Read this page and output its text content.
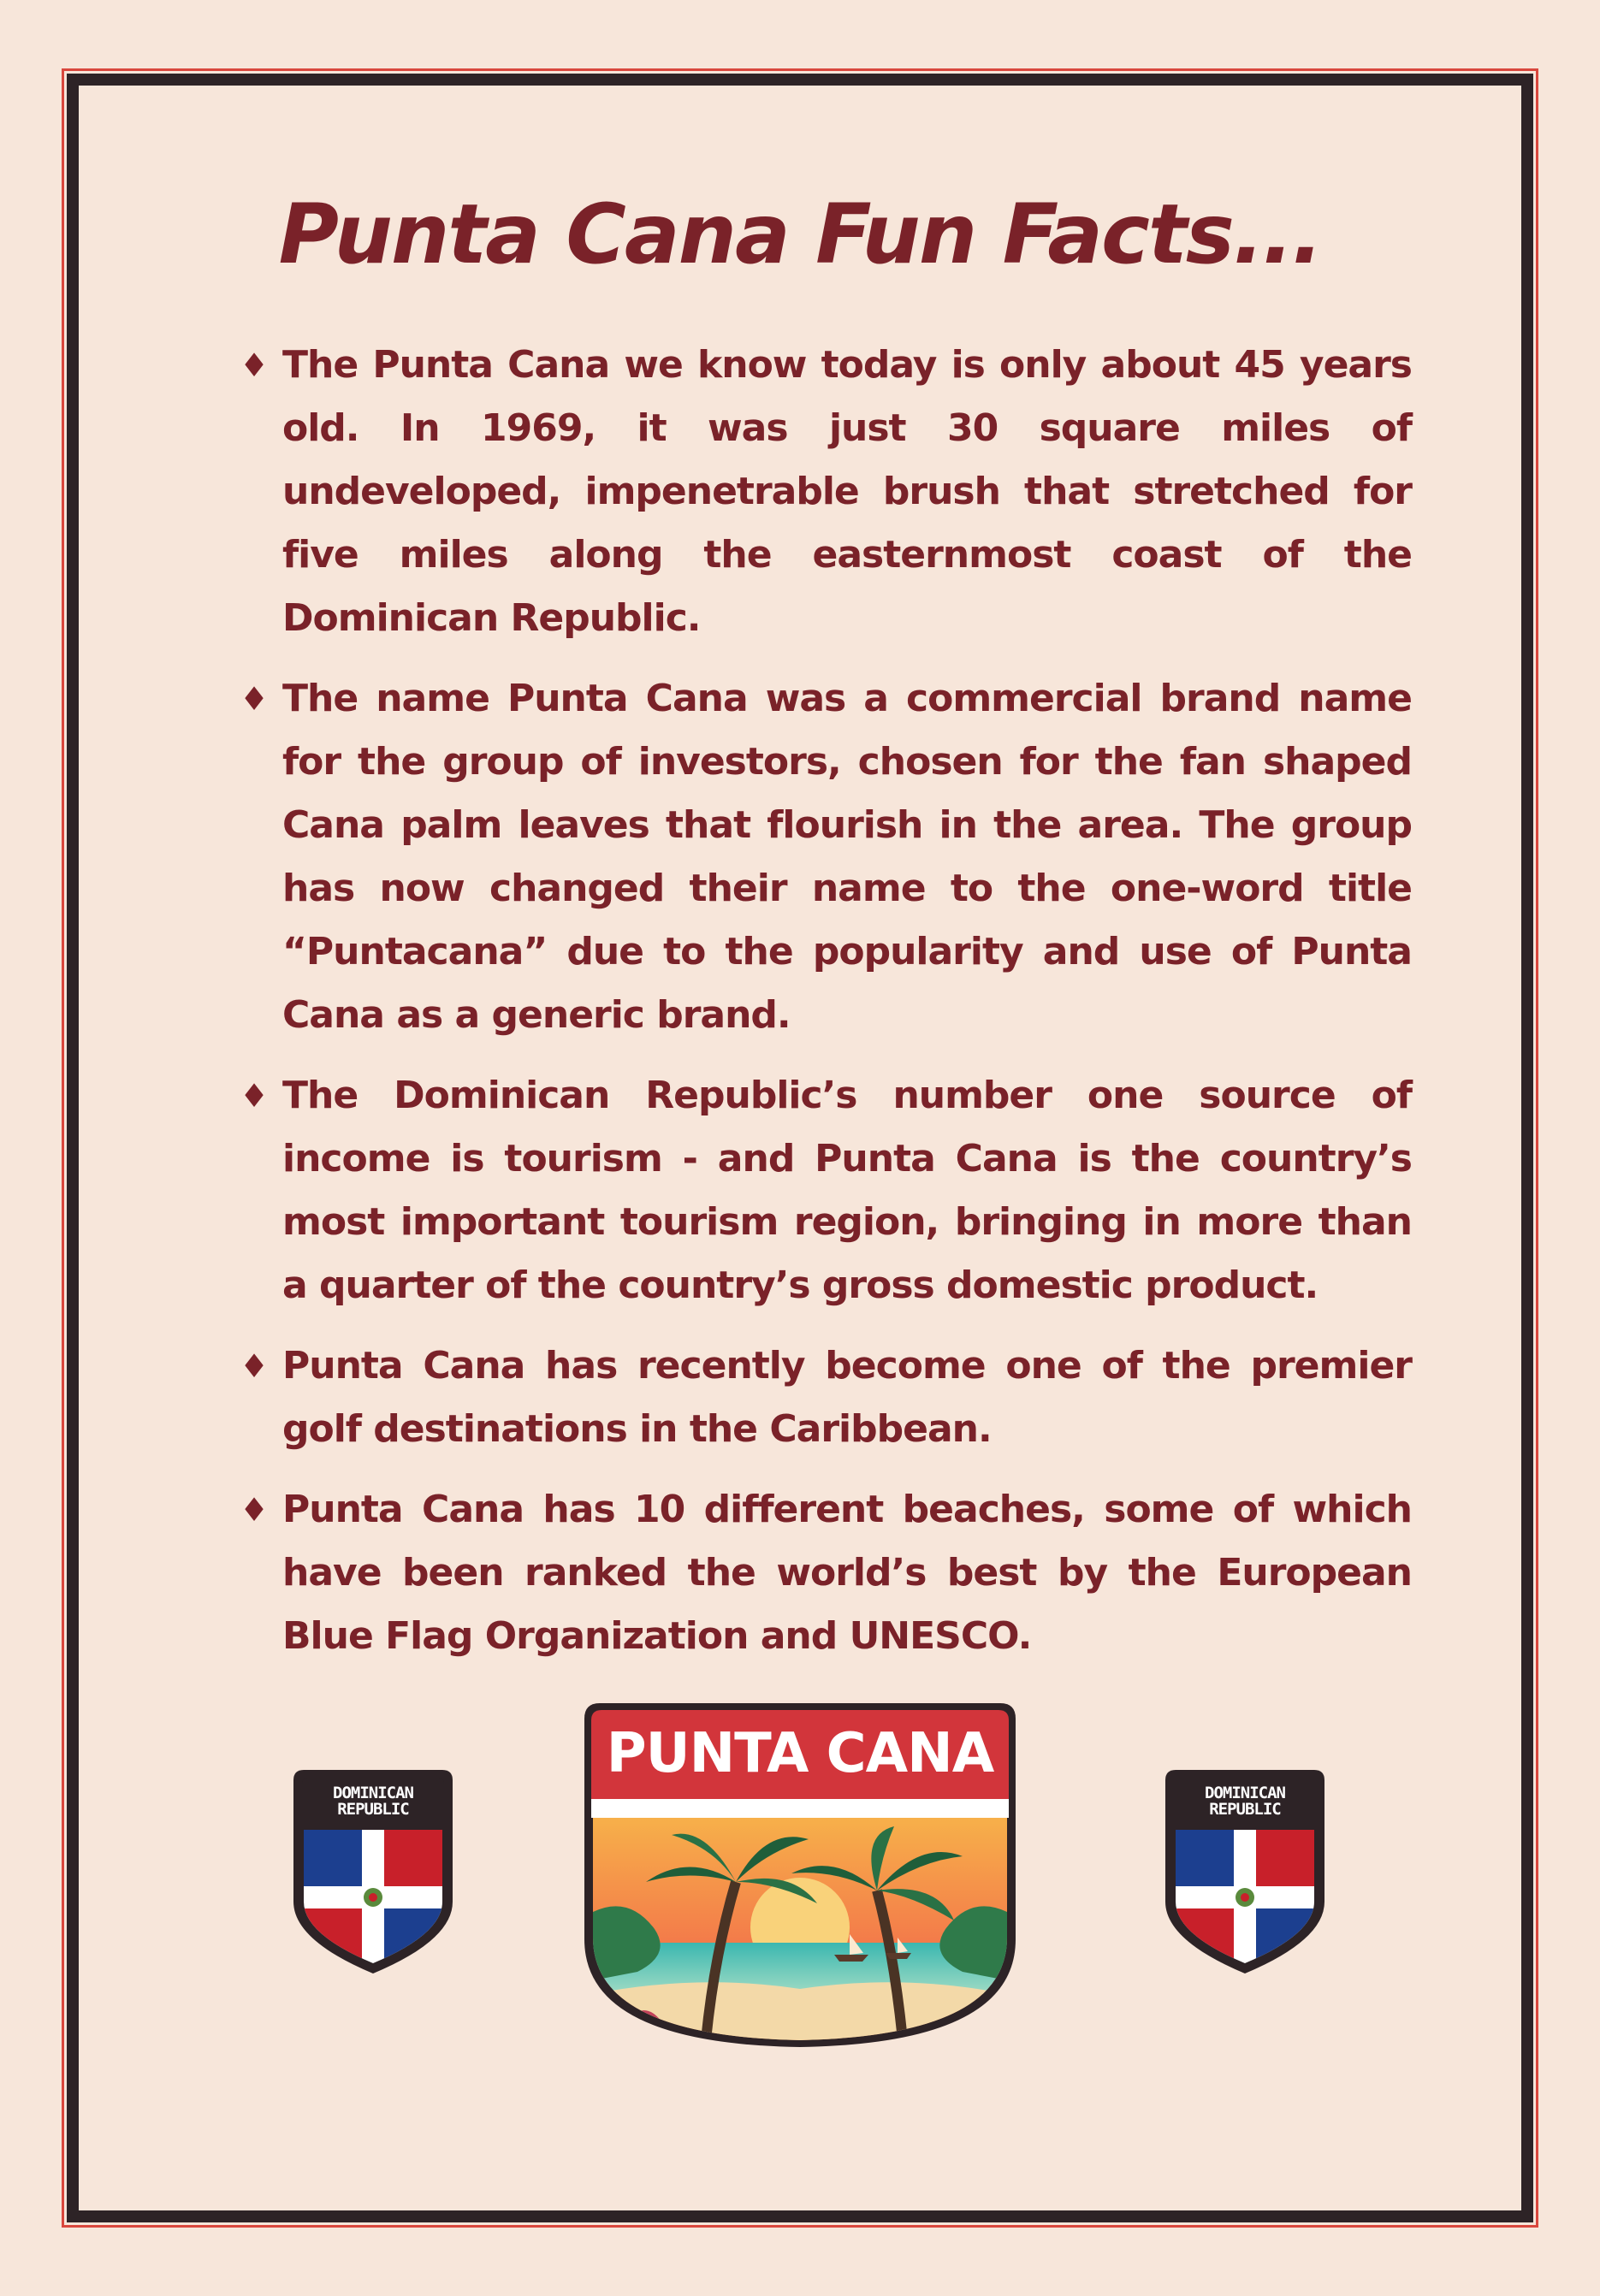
Punta Cana Fun Facts...
♦ The Punta Cana we know today is only about 45 years old. In 1969, it was just 30 square miles of undeveloped, impenetrable brush that stretched for five miles along the easternmost coast of the Dominican Republic.
♦ The name Punta Cana was a commercial brand name for the group of investors, chosen for the fan shaped Cana palm leaves that flourish in the area. The group has now changed their name to the one-word title “Puntacana” due to the popularity and use of Punta Cana as a generic brand.
♦ The Dominican Republic’s number one source of income is tourism - and Punta Cana is the country’s most important tourism region, bringing in more than a quarter of the country’s gross domestic product.
♦ Punta Cana has recently become one of the premier golf destinations in the Caribbean.
♦ Punta Cana has 10 different beaches, some of which have been ranked the world’s best by the European Blue Flag Organization and UNESCO.
DOMINICAN
REPUBLIC
PUNTA CANA
DOMINICAN
REPUBLIC
